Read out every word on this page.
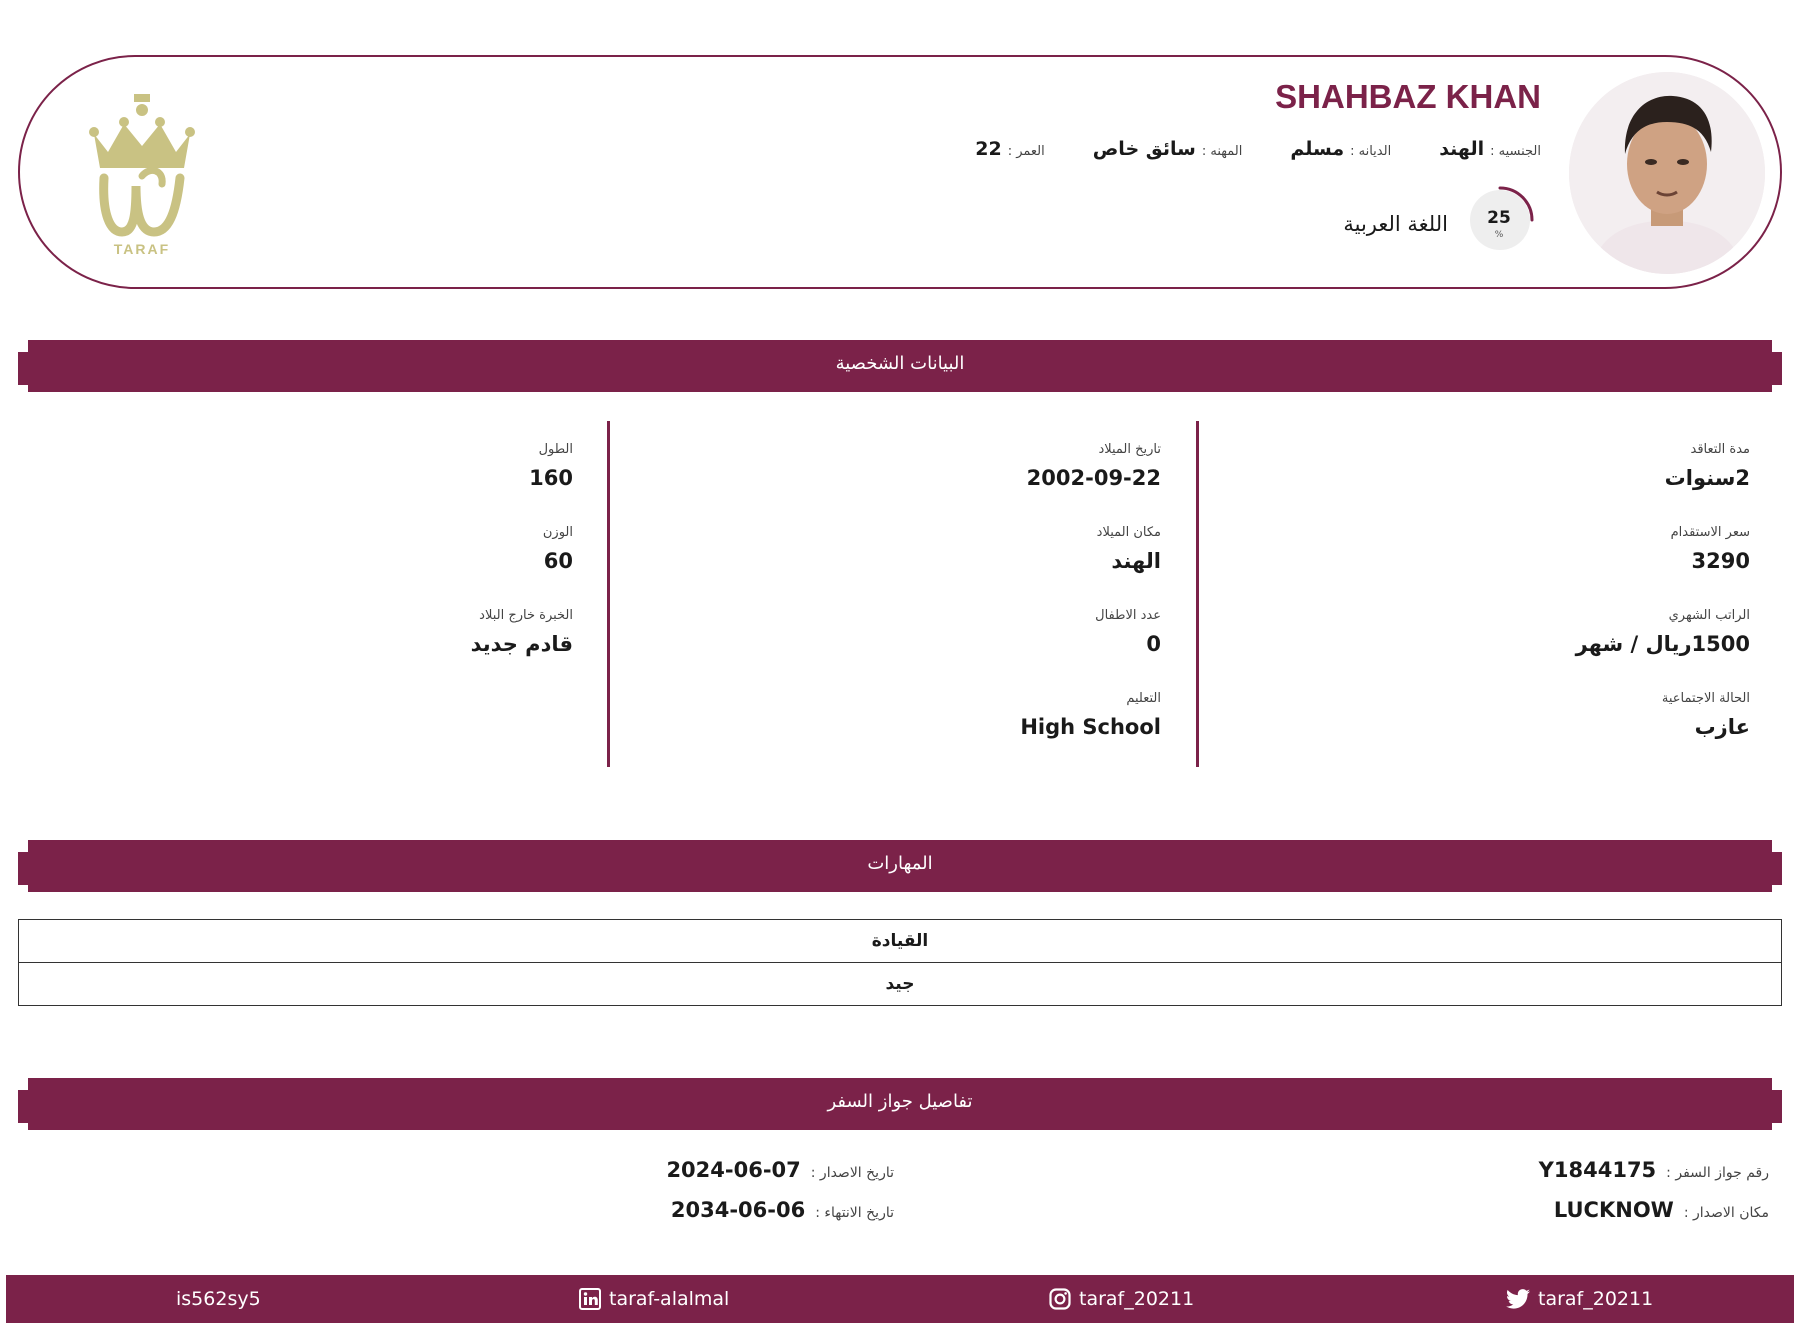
SHAHBAZ KHAN
الجنسيه :
الهند
الديانه :
مسلم
المهنه :
سائق خاص
العمر :
22
25
%
اللغة العربية
TARAF
البيانات الشخصية
مدة التعاقد
2سنوات
سعر الاستقدام
3290
الراتب الشهري
1500ريال / شهر
الحالة الاجتماعية
عازب
تاريخ الميلاد
2002-09-22
مكان الميلاد
الهند
عدد الاطفال
0
التعليم
High School
الطول
160
الوزن
60
الخبرة خارج البلاد
قادم جديد
المهارات
القيادة
جيد
تفاصيل جواز السفر
رقم جواز السفر :
Y1844175
مكان الاصدار :
LUCKNOW
تاريخ الاصدار :
2024-06-07
تاريخ الانتهاء :
2034-06-06
taraf_20211
taraf_20211
taraf-alalmal
is562sy5
